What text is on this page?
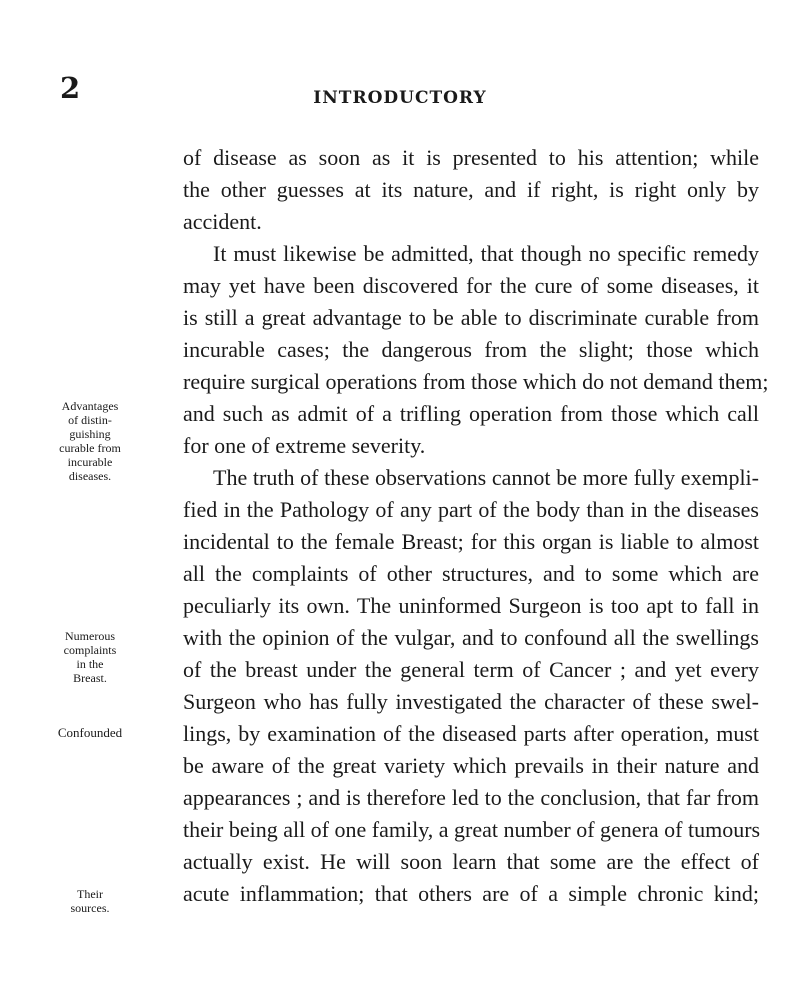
2	INTRODUCTORY
Advantages
of distin-
guishing
curable from
incurable
diseases.
Numerous
complaints
in the
Breast.
Confounded
Their
sources.
of disease as soon as it is presented to his attention; while
the other guesses at its nature, and if right, is right only by
accident.
It must likewise be admitted, that though no specific remedy
may yet have been discovered for the cure of some diseases, it
is still a great advantage to be able to discriminate curable from
incurable cases; the dangerous from the slight; those which
require surgical operations from those which do not demand them;
and such as admit of a trifling operation from those which call
for one of extreme severity.
The truth of these observations cannot be more fully exempli-
fied in the Pathology of any part of the body than in the diseases
incidental to the female Breast; for this organ is liable to almost
all the complaints of other structures, and to some which are
peculiarly its own. The uninformed Surgeon is too apt to fall in
with the opinion of the vulgar, and to confound all the swellings
of the breast under the general term of Cancer ; and yet every
Surgeon who has fully investigated the character of these swel-
lings, by examination of the diseased parts after operation, must
be aware of the great variety which prevails in their nature and
appearances ; and is therefore led to the conclusion, that far from
their being all of one family, a great number of genera of tumours
actually exist. He will soon learn that some are the effect of
acute inflammation; that others are of a simple chronic kind;
